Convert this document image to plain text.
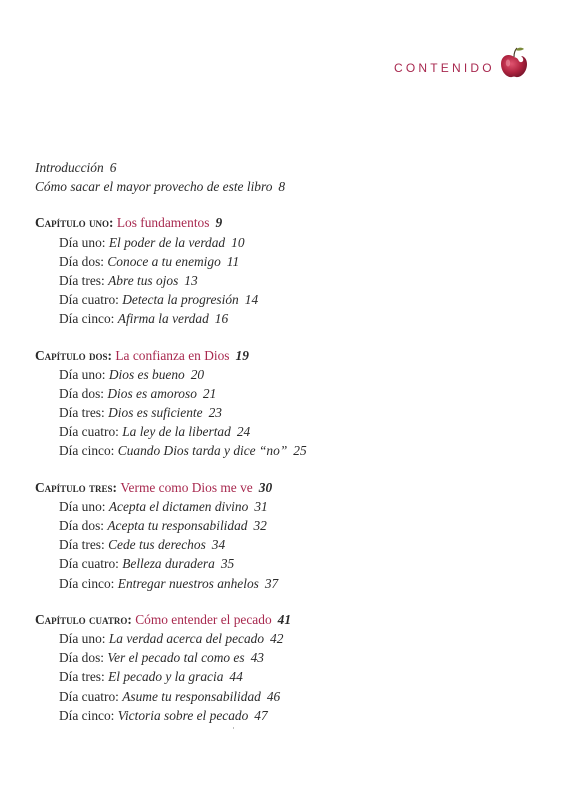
CONTENIDO
Introducción 6
Cómo sacar el mayor provecho de este libro 8
Capítulo uno: Los fundamentos 9
Día uno: El poder de la verdad 10
Día dos: Conoce a tu enemigo 11
Día tres: Abre tus ojos 13
Día cuatro: Detecta la progresión 14
Día cinco: Afirma la verdad 16
Capítulo dos: La confianza en Dios 19
Día uno: Dios es bueno 20
Día dos: Dios es amoroso 21
Día tres: Dios es suficiente 23
Día cuatro: La ley de la libertad 24
Día cinco: Cuando Dios tarda y dice “no” 25
Capítulo tres: Verme como Dios me ve 30
Día uno: Acepta el dictamen divino 31
Día dos: Acepta tu responsabilidad 32
Día tres: Cede tus derechos 34
Día cuatro: Belleza duradera 35
Día cinco: Entregar nuestros anhelos 37
Capítulo cuatro: Cómo entender el pecado 41
Día uno: La verdad acerca del pecado 42
Día dos: Ver el pecado tal como es 43
Día tres: El pecado y la gracia 44
Día cuatro: Asume tu responsabilidad 46
Día cinco: Victoria sobre el pecado 47
